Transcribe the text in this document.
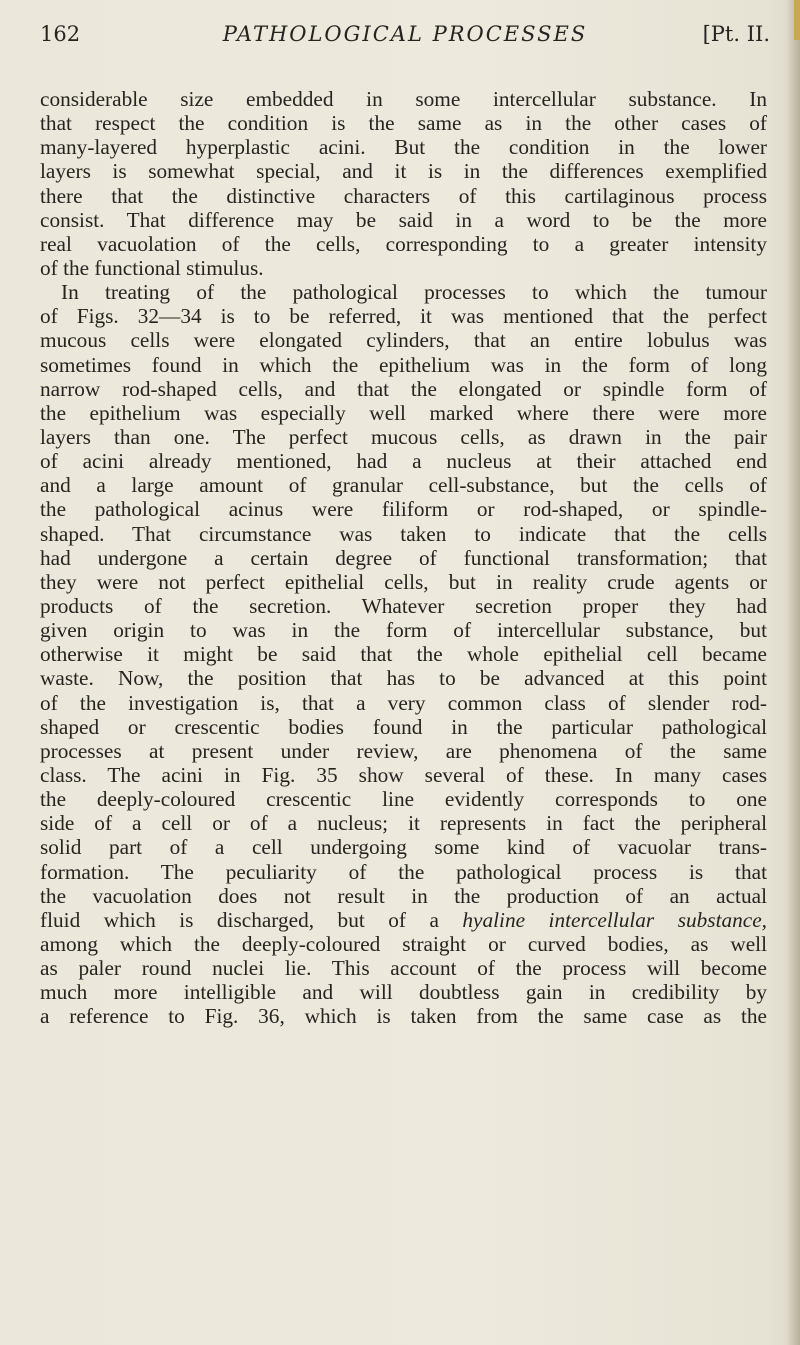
162	PATHOLOGICAL PROCESSES	[Pt. II.
considerable size embedded in some intercellular substance. In
that respect the condition is the same as in the other cases of
many-layered hyperplastic acini. But the condition in the lower
layers is somewhat special, and it is in the differences exemplified
there that the distinctive characters of this cartilaginous process
consist. That difference may be said in a word to be the more
real vacuolation of the cells, corresponding to a greater intensity
of the functional stimulus.
In treating of the pathological processes to which the tumour
of Figs. 32—34 is to be referred, it was mentioned that the perfect
mucous cells were elongated cylinders, that an entire lobulus was
sometimes found in which the epithelium was in the form of long
narrow rod-shaped cells, and that the elongated or spindle form of
the epithelium was especially well marked where there were more
layers than one. The perfect mucous cells, as drawn in the pair
of acini already mentioned, had a nucleus at their attached end
and a large amount of granular cell-substance, but the cells of
the pathological acinus were filiform or rod-shaped, or spindle-
shaped. That circumstance was taken to indicate that the cells
had undergone a certain degree of functional transformation; that
they were not perfect epithelial cells, but in reality crude agents or
products of the secretion. Whatever secretion proper they had
given origin to was in the form of intercellular substance, but
otherwise it might be said that the whole epithelial cell became
waste. Now, the position that has to be advanced at this point
of the investigation is, that a very common class of slender rod-
shaped or crescentic bodies found in the particular pathological
processes at present under review, are phenomena of the same
class. The acini in Fig. 35 show several of these. In many cases
the deeply-coloured crescentic line evidently corresponds to one
side of a cell or of a nucleus; it represents in fact the peripheral
solid part of a cell undergoing some kind of vacuolar trans-
formation. The peculiarity of the pathological process is that
the vacuolation does not result in the production of an actual
fluid which is discharged, but of a hyaline intercellular substance,
among which the deeply-coloured straight or curved bodies, as well
as paler round nuclei lie. This account of the process will become
much more intelligible and will doubtless gain in credibility by
a reference to Fig. 36, which is taken from the same case as the
